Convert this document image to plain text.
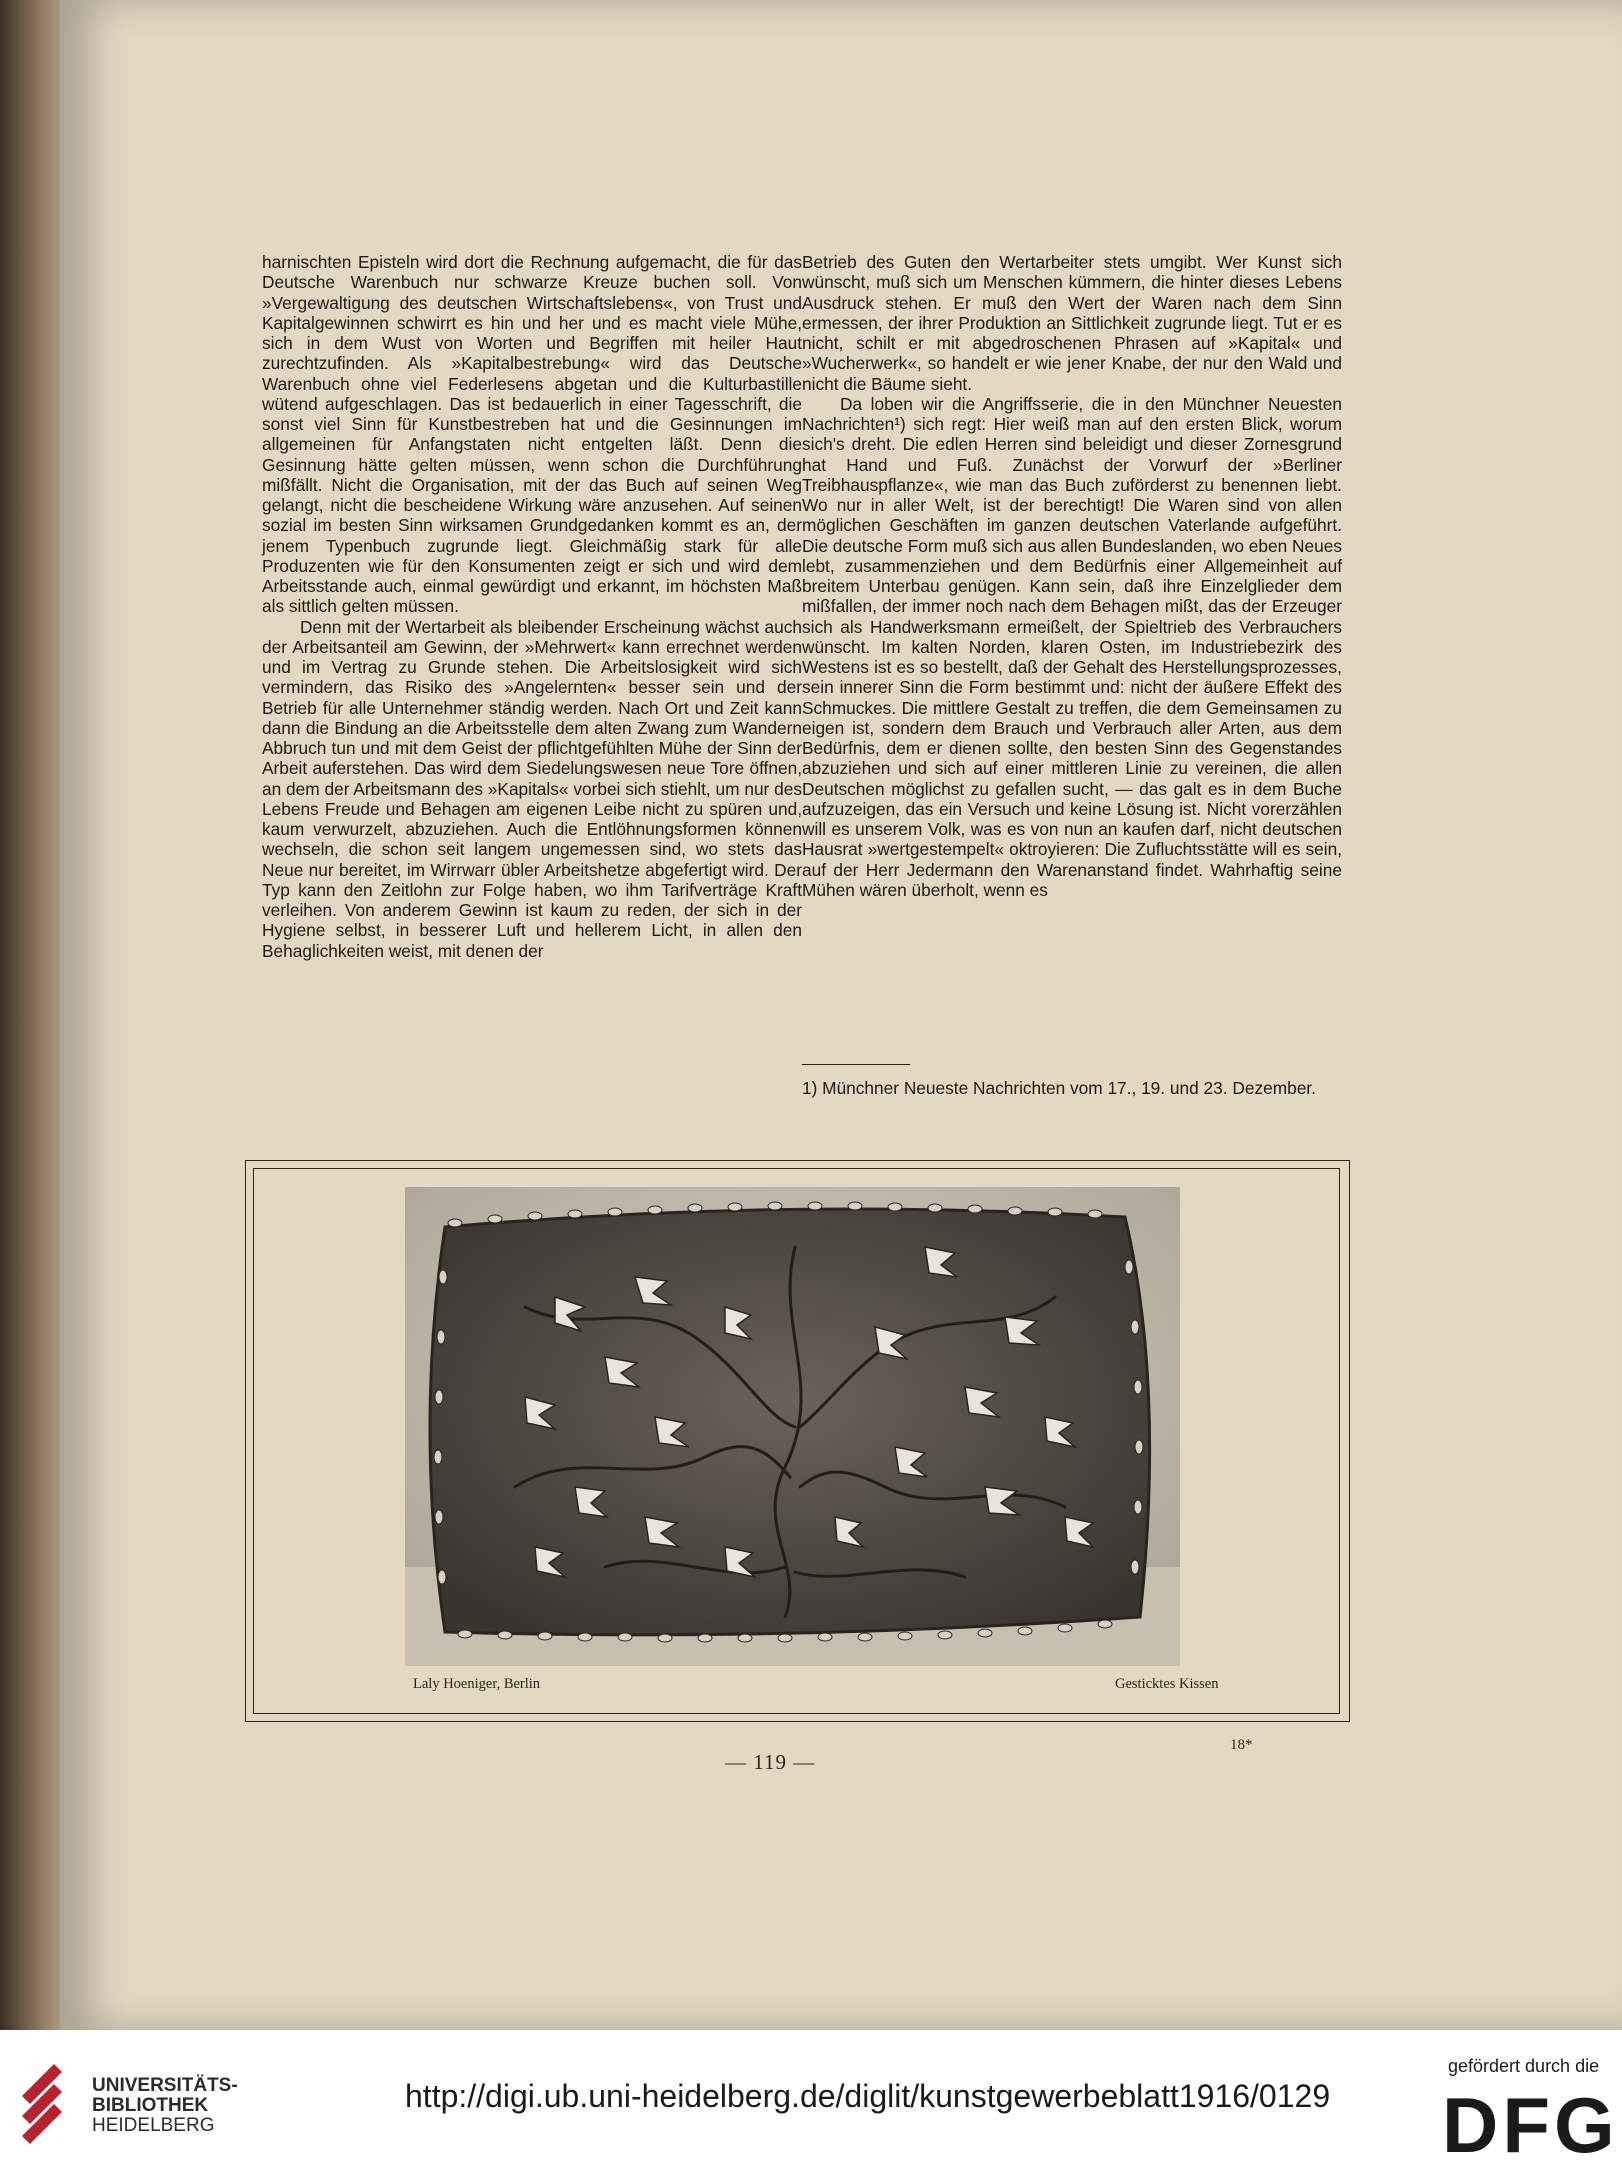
harnischten Episteln wird dort die Rechnung aufgemacht, die für das Deutsche Warenbuch nur schwarze Kreuze buchen soll. Von »Vergewaltigung des deutschen Wirtschaftslebens«, von Trust und Kapitalgewinnen schwirrt es hin und her und es macht viele Mühe, sich in dem Wust von Worten und Begriffen mit heiler Haut zurechtzufinden. Als »Kapitalbestrebung« wird das Deutsche Warenbuch ohne viel Federlesens abgetan und die Kulturbastille wütend aufgeschlagen. Das ist bedauerlich in einer Tagesschrift, die sonst viel Sinn für Kunstbestreben hat und die Gesinnungen im allgemeinen für Anfangstaten nicht entgelten läßt. Denn die Gesinnung hätte gelten müssen, wenn schon die Durchführung mißfällt. Nicht die Organisation, mit der das Buch auf seinen Weg gelangt, nicht die bescheidene Wirkung wäre anzusehen. Auf seinen sozial im besten Sinn wirksamen Grundgedanken kommt es an, der jenem Typenbuch zugrunde liegt. Gleichmäßig stark für alle Produzenten wie für den Konsumenten zeigt er sich und wird dem Arbeitsstande auch, einmal gewürdigt und erkannt, im höchsten Maß als sittlich gelten müssen.

Denn mit der Wertarbeit als bleibender Erscheinung wächst auch der Arbeitsanteil am Gewinn, der »Mehrwert« kann errechnet werden und im Vertrag zu Grunde stehen. Die Arbeitslosigkeit wird sich vermindern, das Risiko des »Angelernten« besser sein und der Betrieb für alle Unternehmer ständig werden. Nach Ort und Zeit kann dann die Bindung an die Arbeitsstelle dem alten Zwang zum Wandern Abbruch tun und mit dem Geist der pflichtgefühlten Mühe der Sinn der Arbeit auferstehen. Das wird dem Siedelungswesen neue Tore öffnen, an dem der Arbeitsmann des »Kapitals« vorbei sich stiehlt, um nur des Lebens Freude und Behagen am eigenen Leibe nicht zu spüren und, kaum verwurzelt, abzuziehen. Auch die Entlöhnungsformen können wechseln, die schon seit langem ungemessen sind, wo stets das Neue nur bereitet, im Wirrwarr übler Arbeitshetze abgefertigt wird. Der Typ kann den Zeitlohn zur Folge haben, wo ihm Tarifverträge Kraft verleihen. Von anderem Gewinn ist kaum zu reden, der sich in der Hygiene selbst, in besserer Luft und hellerem Licht, in allen den Behaglichkeiten weist, mit denen der

Betrieb des Guten den Wertarbeiter stets umgibt. Wer Kunst sich wünscht, muß sich um Menschen kümmern, die hinter dieses Lebens Ausdruck stehen. Er muß den Wert der Waren nach dem Sinn ermessen, der ihrer Produktion an Sittlichkeit zugrunde liegt. Tut er es nicht, schilt er mit abgedroschenen Phrasen auf »Kapital« und »Wucherwerk«, so handelt er wie jener Knabe, der nur den Wald und nicht die Bäume sieht.

Da loben wir die Angriffsserie, die in den Münchner Neuesten Nachrichten¹) sich regt: Hier weiß man auf den ersten Blick, worum sich's dreht. Die edlen Herren sind beleidigt und dieser Zornesgrund hat Hand und Fuß. Zunächst der Vorwurf der »Berliner Treibhauspflanze«, wie man das Buch zuförderst zu benennen liebt. Wo nur in aller Welt, ist der berechtigt! Die Waren sind von allen möglichen Geschäften im ganzen deutschen Vaterlande aufgeführt. Die deutsche Form muß sich aus allen Bundeslanden, wo eben Neues lebt, zusammenziehen und dem Bedürfnis einer Allgemeinheit auf breitem Unterbau genügen. Kann sein, daß ihre Einzelglieder dem mißfallen, der immer noch nach dem Behagen mißt, das der Erzeuger sich als Handwerksmann ermeißelt, der Spieltrieb des Verbrauchers wünscht. Im kalten Norden, klaren Osten, im Industriebezirk des Westens ist es so bestellt, daß der Gehalt des Herstellungsprozesses, sein innerer Sinn die Form bestimmt und: nicht der äußere Effekt des Schmuckes. Die mittlere Gestalt zu treffen, die dem Gemeinsamen zu eigen ist, sondern dem Brauch und Verbrauch aller Arten, aus dem Bedürfnis, dem er dienen sollte, den besten Sinn des Gegenstandes abzuziehen und sich auf einer mittleren Linie zu vereinen, die allen Deutschen möglichst zu gefallen sucht, — das galt es in dem Buche aufzuzeigen, das ein Versuch und keine Lösung ist. Nicht vorerzählen will es unserem Volk, was es von nun an kaufen darf, nicht deutschen Hausrat »wertgestempelt« oktroyieren: Die Zufluchtsstätte will es sein, auf der Herr Jedermann den Warenanstand findet. Wahrhaftig seine Mühen wären überholt, wenn es

1) Münchner Neueste Nachrichten vom 17., 19. und 23. Dezember.
Laly Hoeniger, Berlin	Gesticktes Kissen
— 119 —
18*
UNIVERSITÄTS-
BIBLIOTHEK
HEIDELBERG
http://digi.ub.uni-heidelberg.de/diglit/kunstgewerbeblatt1916/0129
gefördert durch die
DFG
